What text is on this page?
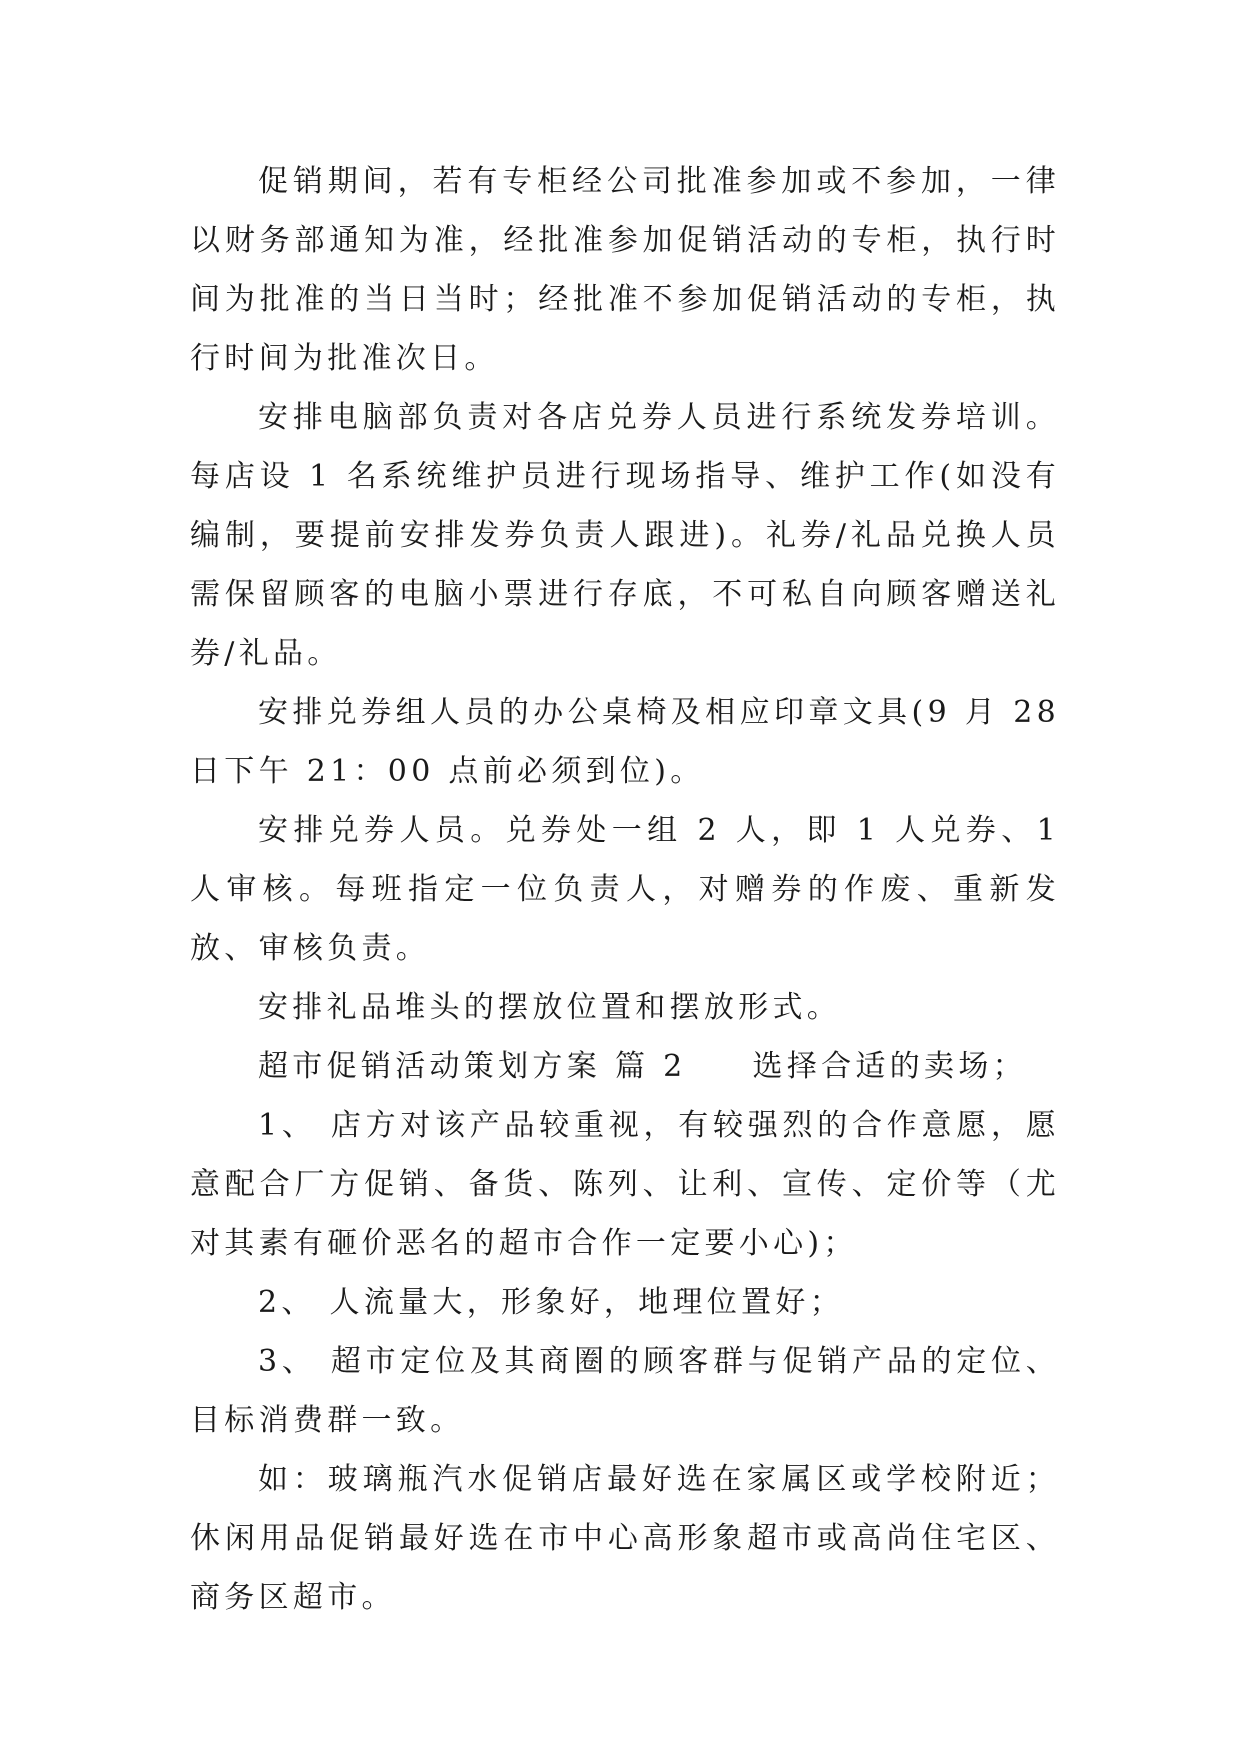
促销期间，若有专柜经公司批准参加或不参加，一律以财务部通知为准，经批准参加促销活动的专柜，执行时间为批准的当日当时；经批准不参加促销活动的专柜，执行时间为批准次日。

安排电脑部负责对各店兑券人员进行系统发券培训。每店设 1 名系统维护员进行现场指导、维护工作(如没有编制，要提前安排发券负责人跟进)。礼券/礼品兑换人员需保留顾客的电脑小票进行存底，不可私自向顾客赠送礼券/礼品。

安排兑券组人员的办公桌椅及相应印章文具(9 月 28 日下午 21：00 点前必须到位)。

安排兑券人员。兑券处一组 2 人，即 1 人兑券、1 人审核。每班指定一位负责人，对赠券的作废、重新发放、审核负责。

安排礼品堆头的摆放位置和摆放形式。

超市促销活动策划方案 篇 2 选择合适的卖场；

1、 店方对该产品较重视，有较强烈的合作意愿，愿意配合厂方促销、备货、陈列、让利、宣传、定价等（尤对其素有砸价恶名的超市合作一定要小心)；

2、 人流量大，形象好，地理位置好；

3、 超市定位及其商圈的顾客群与促销产品的定位、目标消费群一致。

如：玻璃瓶汽水促销店最好选在家属区或学校附近；休闲用品促销最好选在市中心高形象超市或高尚住宅区、商务区超市。
